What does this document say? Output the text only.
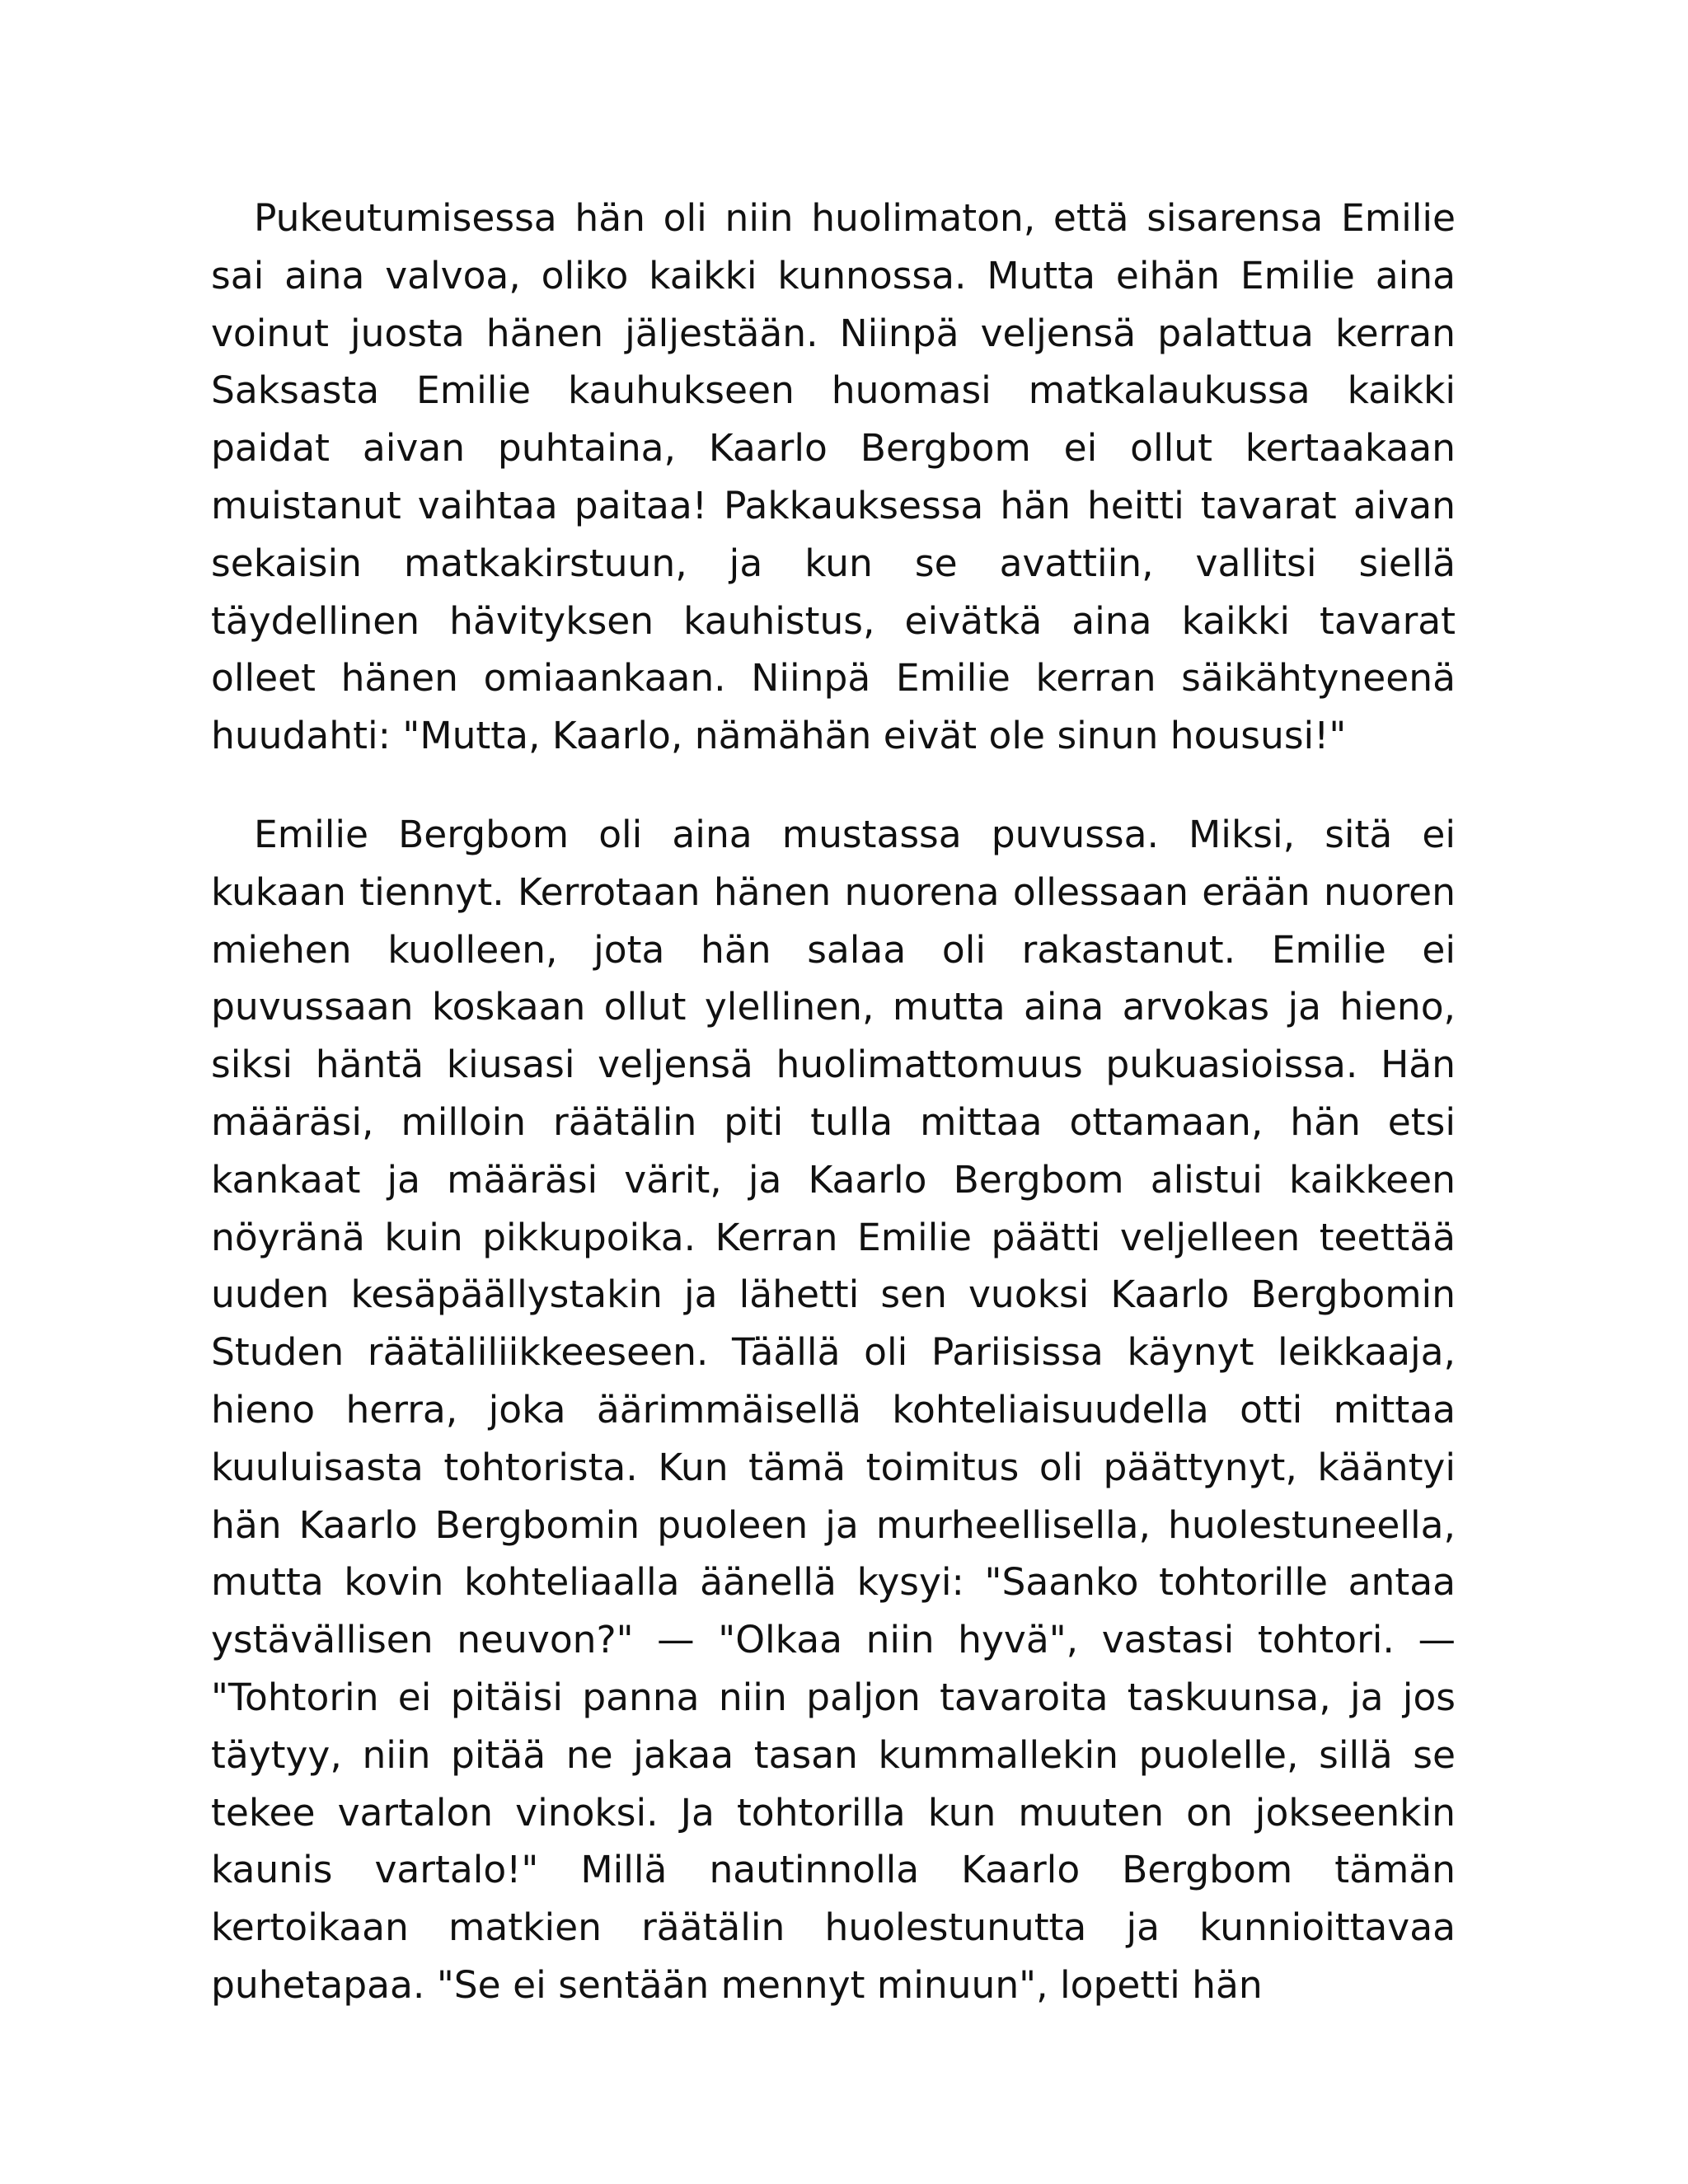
Pukeutumisessa hän oli niin huolimaton, että sisarensa Emilie sai aina valvoa, oliko kaikki kunnossa. Mutta eihän Emilie aina voinut juosta hänen jäljestään. Niinpä veljensä palattua kerran Saksasta Emilie kauhukseen huomasi matkalaukussa kaikki paidat aivan puhtaina, Kaarlo Bergbom ei ollut kertaakaan muistanut vaihtaa paitaa! Pakkauksessa hän heitti tavarat aivan sekaisin matkakirstuun, ja kun se avattiin, vallitsi siellä täydellinen hävityksen kauhistus, eivätkä aina kaikki tavarat olleet hänen omiaankaan. Niinpä Emilie kerran säikähtyneenä huudahti: "Mutta, Kaarlo, nämähän eivät ole sinun housusi!"

Emilie Bergbom oli aina mustassa puvussa. Miksi, sitä ei kukaan tiennyt. Kerrotaan hänen nuorena ollessaan erään nuoren miehen kuolleen, jota hän salaa oli rakastanut. Emilie ei puvussaan koskaan ollut ylellinen, mutta aina arvokas ja hieno, siksi häntä kiusasi veljensä huolimattomuus pukuasioissa. Hän määräsi, milloin räätälin piti tulla mittaa ottamaan, hän etsi kankaat ja määräsi värit, ja Kaarlo Bergbom alistui kaikkeen nöyränä kuin pikkupoika. Kerran Emilie päätti veljelleen teettää uuden kesäpäällystakin ja lähetti sen vuoksi Kaarlo Bergbomin Studen räätäliliikkeeseen. Täällä oli Pariisissa käynyt leikkaaja, hieno herra, joka äärimmäisellä kohteliaisuudella otti mittaa kuuluisasta tohtorista. Kun tämä toimitus oli päättynyt, kääntyi hän Kaarlo Bergbomin puoleen ja murheellisella, huolestuneella, mutta kovin kohteliaalla äänellä kysyi: "Saanko tohtorille antaa ystävällisen neuvon?" — "Olkaa niin hyvä", vastasi tohtori. — "Tohtorin ei pitäisi panna niin paljon tavaroita taskuunsa, ja jos täytyy, niin pitää ne jakaa tasan kummallekin puolelle, sillä se tekee vartalon vinoksi. Ja tohtorilla kun muuten on jokseenkin kaunis vartalo!" Millä nautinnolla Kaarlo Bergbom tämän kertoikaan matkien räätälin huolestunutta ja kunnioittavaa puhetapaa. "Se ei sentään mennyt minuun", lopetti hän
